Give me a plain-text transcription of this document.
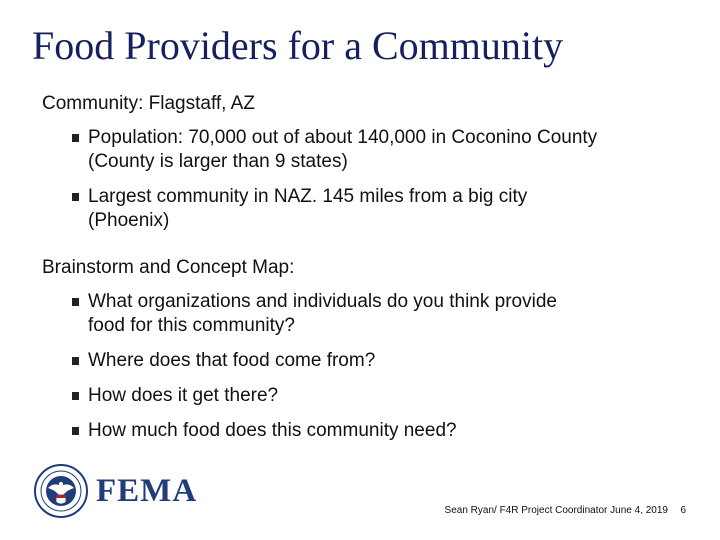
Food Providers for a Community

Community: Flagstaff, AZ

Population: 70,000 out of about 140,000 in Coconino County
(County is larger than 9 states)
Largest community in NAZ. 145 miles from a big city
(Phoenix)

Brainstorm and Concept Map:

What organizations and individuals do you think provide
food for this community?
Where does that food come from?
How does it get there?
How much food does this community need?
FEMA
Sean Ryan/ F4R Project Coordinator June 4, 2019 6
